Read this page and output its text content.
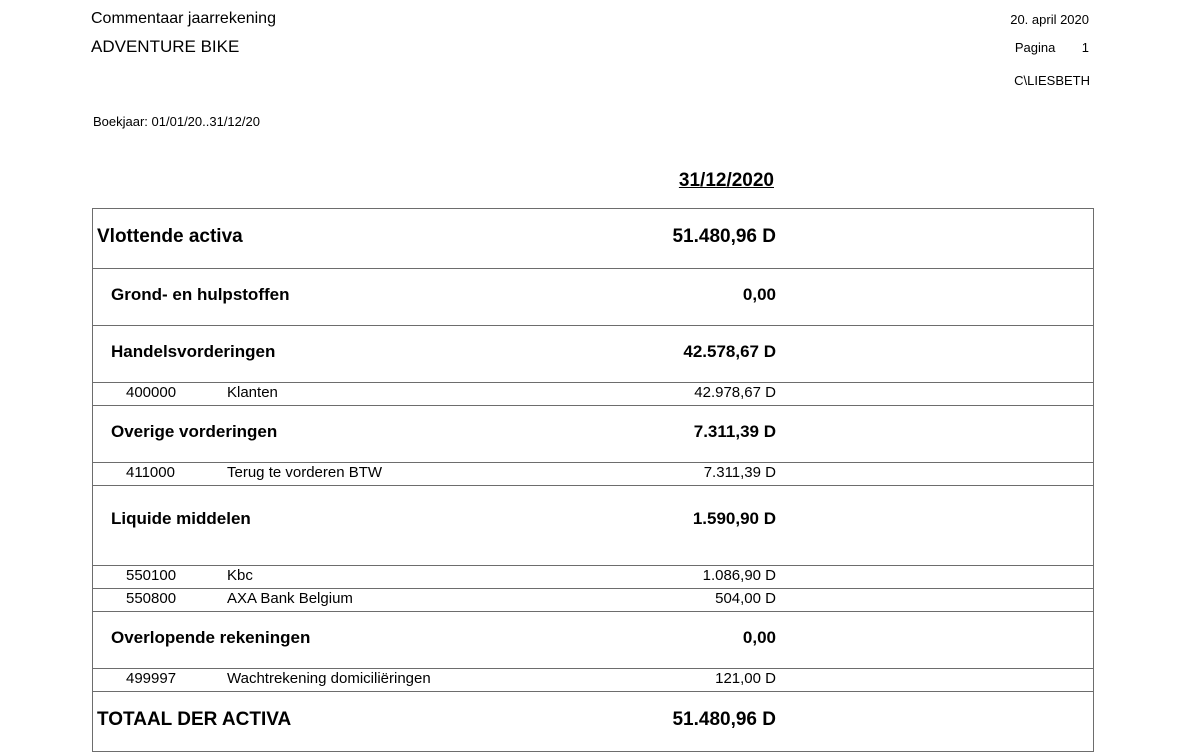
Commentaar jaarrekening
ADVENTURE BIKE
20. april 2020
Pagina 1
C\LIESBETH
Boekjaar: 01/01/20..31/12/20
31/12/2020
Vlottende activa	51.480,96 D
Grond- en hulpstoffen	0,00
Handelsvorderingen	42.578,67 D
400000	Klanten	42.978,67 D
Overige vorderingen	7.311,39 D
411000	Terug te vorderen BTW	7.311,39 D
Liquide middelen	1.590,90 D
550100	Kbc	1.086,90 D
550800	AXA Bank Belgium	504,00 D
Overlopende rekeningen	0,00
499997	Wachtrekening domiciliëringen	121,00 D
TOTAAL DER ACTIVA	51.480,96 D
